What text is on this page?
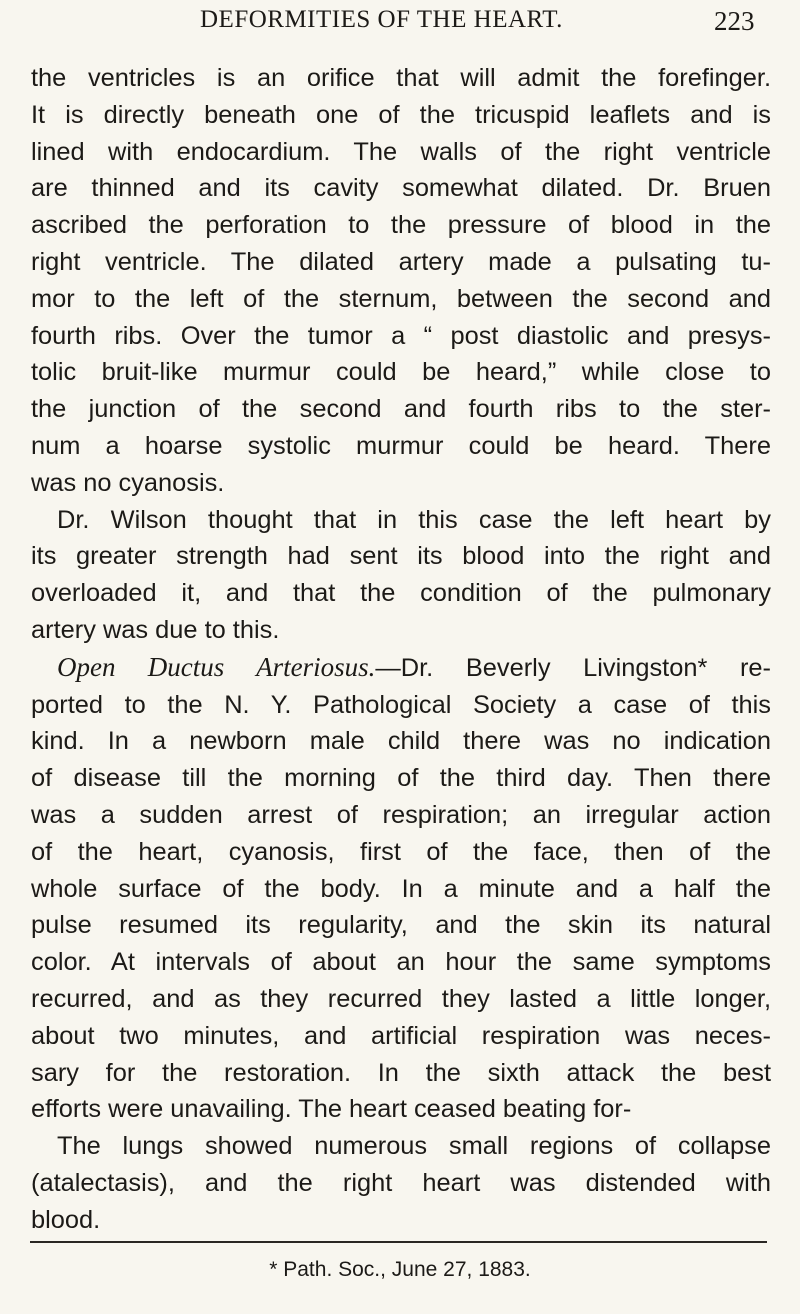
DEFORMITIES OF THE HEART.	223

the ventricles is an orifice that will admit the forefinger.
It is directly beneath one of the tricuspid leaflets and is
lined with endocardium. The walls of the right ventricle
are thinned and its cavity somewhat dilated. Dr. Bruen
ascribed the perforation to the pressure of blood in the
right ventricle. The dilated artery made a pulsating tu-
mor to the left of the sternum, between the second and
fourth ribs. Over the tumor a “ post diastolic and presys-
tolic bruit-like murmur could be heard,” while close to
the junction of the second and fourth ribs to the ster-
num a hoarse systolic murmur could be heard. There
was no cyanosis.

Dr. Wilson thought that in this case the left heart by
its greater strength had sent its blood into the right and
overloaded it, and that the condition of the pulmonary
artery was due to this.

Open Ductus Arteriosus.—Dr. Beverly Livingston* re-
ported to the N. Y. Pathological Society a case of this
kind. In a newborn male child there was no indication
of disease till the morning of the third day. Then there
was a sudden arrest of respiration; an irregular action
of the heart, cyanosis, first of the face, then of the
whole surface of the body. In a minute and a half the
pulse resumed its regularity, and the skin its natural
color. At intervals of about an hour the same symptoms
recurred, and as they recurred they lasted a little longer,
about two minutes, and artificial respiration was neces-
sary for the restoration. In the sixth attack the best
efforts were unavailing. The heart ceased beating for-

The lungs showed numerous small regions of collapse
(atalectasis), and the right heart was distended with
blood.

* Path. Soc., June 27, 1883.
